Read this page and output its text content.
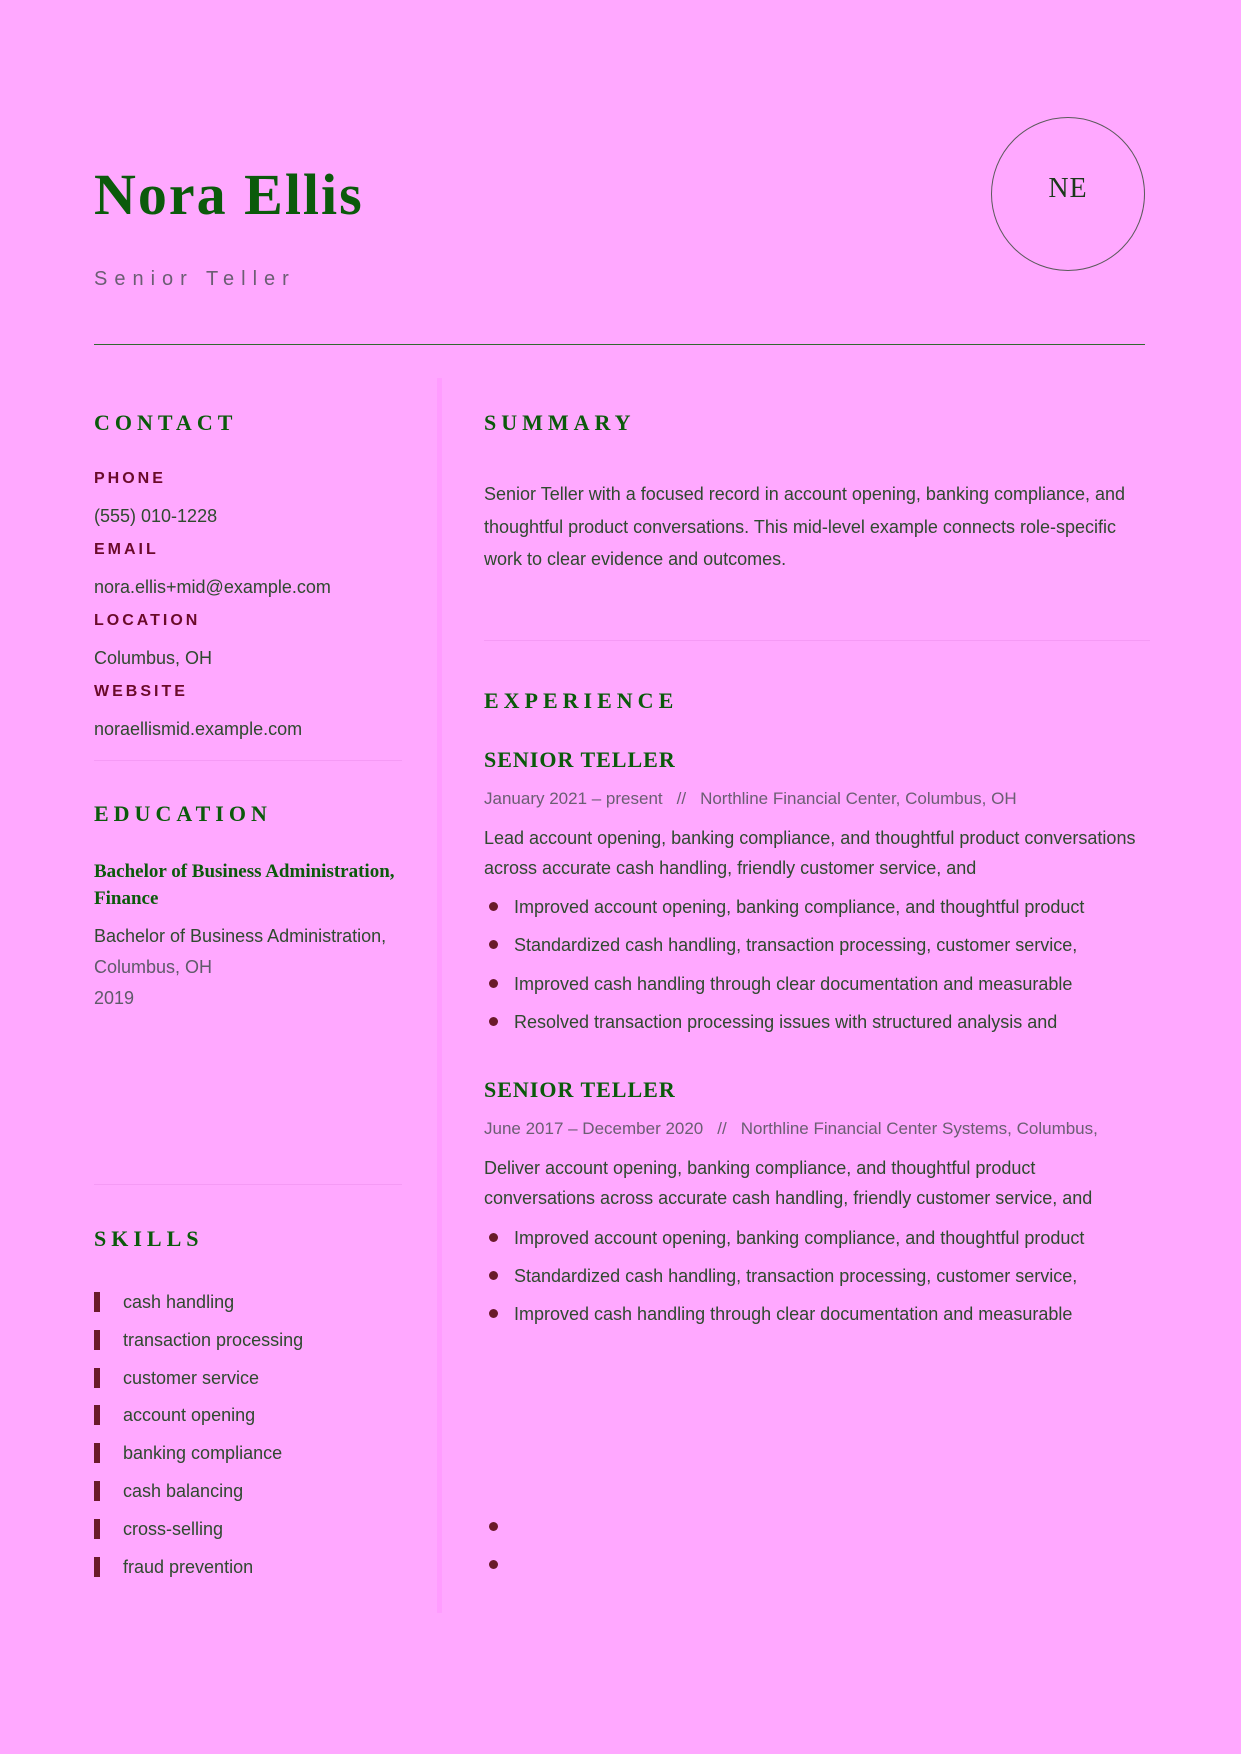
Nora Ellis
Senior Teller
NE
CONTACT
PHONE
(555) 010-1228
EMAIL
nora.ellis+mid@example.com
LOCATION
Columbus, OH
WEBSITE
noraellismid.example.com
EDUCATION
Bachelor of Business Administration, Finance
Bachelor of Business Administration,
Columbus, OH
2019
SKILLS
cash handling
transaction processing
customer service
account opening
banking compliance
cash balancing
cross-selling
fraud prevention
SUMMARY
Senior Teller with a focused record in account opening, banking compliance, and thoughtful product conversations. This mid-level example connects role-specific work to clear evidence and outcomes.
EXPERIENCE
SENIOR TELLER
January 2021 – present // Northline Financial Center, Columbus, OH
Lead account opening, banking compliance, and thoughtful product conversations across accurate cash handling, friendly customer service, and
Improved account opening, banking compliance, and thoughtful product
Standardized cash handling, transaction processing, customer service,
Improved cash handling through clear documentation and measurable
Resolved transaction processing issues with structured analysis and
SENIOR TELLER
June 2017 – December 2020 // Northline Financial Center Systems, Columbus,
Deliver account opening, banking compliance, and thoughtful product conversations across accurate cash handling, friendly customer service, and
Improved account opening, banking compliance, and thoughtful product
Standardized cash handling, transaction processing, customer service,
Improved cash handling through clear documentation and measurable
